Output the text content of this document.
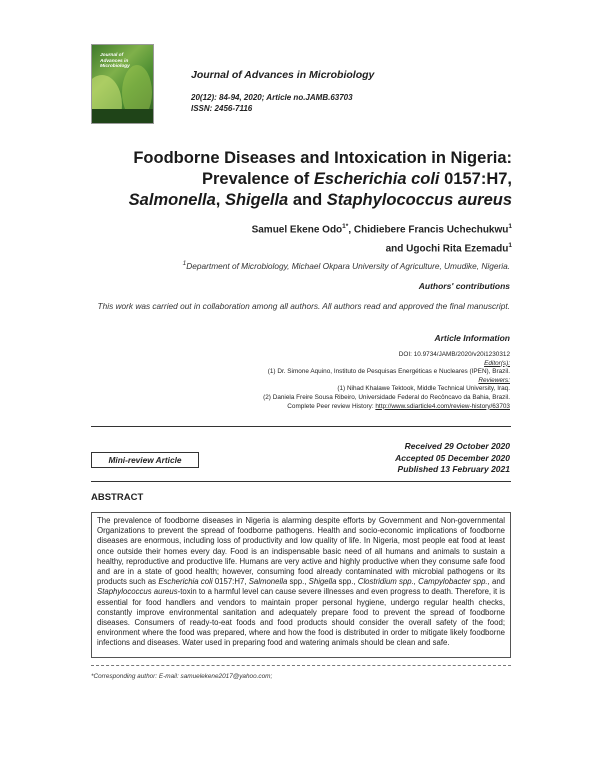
Journal of
Advances in
Microbiology
Journal of Advances in Microbiology
20(12): 84-94, 2020; Article no.JAMB.63703
ISSN: 2456-7116
Foodborne Diseases and Intoxication in Nigeria:
Prevalence of Escherichia coli 0157:H7,
Salmonella, Shigella and Staphylococcus aureus
Samuel Ekene Odo$^{1*}$, Chidiebere Francis Uchechukwu$^1$
and Ugochi Rita Ezemadu$^1$
$^1$Department of Microbiology, Michael Okpara University of Agriculture, Umudike, Nigeria.
Authors' contributions
This work was carried out in collaboration among all authors. All authors read and approved the final manuscript.
Article Information
DOI: 10.9734/JAMB/2020/v20i1230312
Editor(s):
(1) Dr. Simone Aquino, Instituto de Pesquisas Energéticas e Nucleares (IPEN), Brazil.
Reviewers:
(1) Nihad Khalawe Tektook, Middle Technical University, Iraq.
(2) Daniela Freire Sousa Ribeiro, Universidade Federal do Recôncavo da Bahia, Brazil.
Complete Peer review History: http://www.sdiarticle4.com/review-history/63703
Received 29 October 2020
Accepted 05 December 2020
Published 13 February 2021
Mini-review Article
ABSTRACT
The prevalence of foodborne diseases in Nigeria is alarming despite efforts by Government and Non-governmental Organizations to prevent the spread of foodborne pathogens. Health and socio-economic implications of foodborne diseases are enormous, including loss of productivity and low quality of life. In Nigeria, most people eat food at least once outside their homes every day. Food is an indispensable basic need of all humans and animals to sustain a healthy, reproductive and productive life. Humans are very active and highly productive when they consume safe food and are in a state of good health; however, consuming food already contaminated with microbial pathogens or its products such as Escherichia coli 0157:H7, Salmonella spp., Shigella spp., Clostridium spp., Campylobacter spp., and Staphylococcus aureus-toxin to a harmful level can cause severe illnesses and even progress to death. Therefore, it is essential for food handlers and vendors to maintain proper personal hygiene, undergo regular health checks, constantly improve environmental sanitation and adequately prepare food to prevent the spread of foodborne diseases. Consumers of ready-to-eat foods and food products should consider the overall safety of the food; environment where the food was prepared, where and how the food is distributed in order to mitigate likely foodborne infections and diseases. Water used in preparing food and watering animals should be clean and safe.
*Corresponding author: E-mail: samuelekene2017@yahoo.com;
